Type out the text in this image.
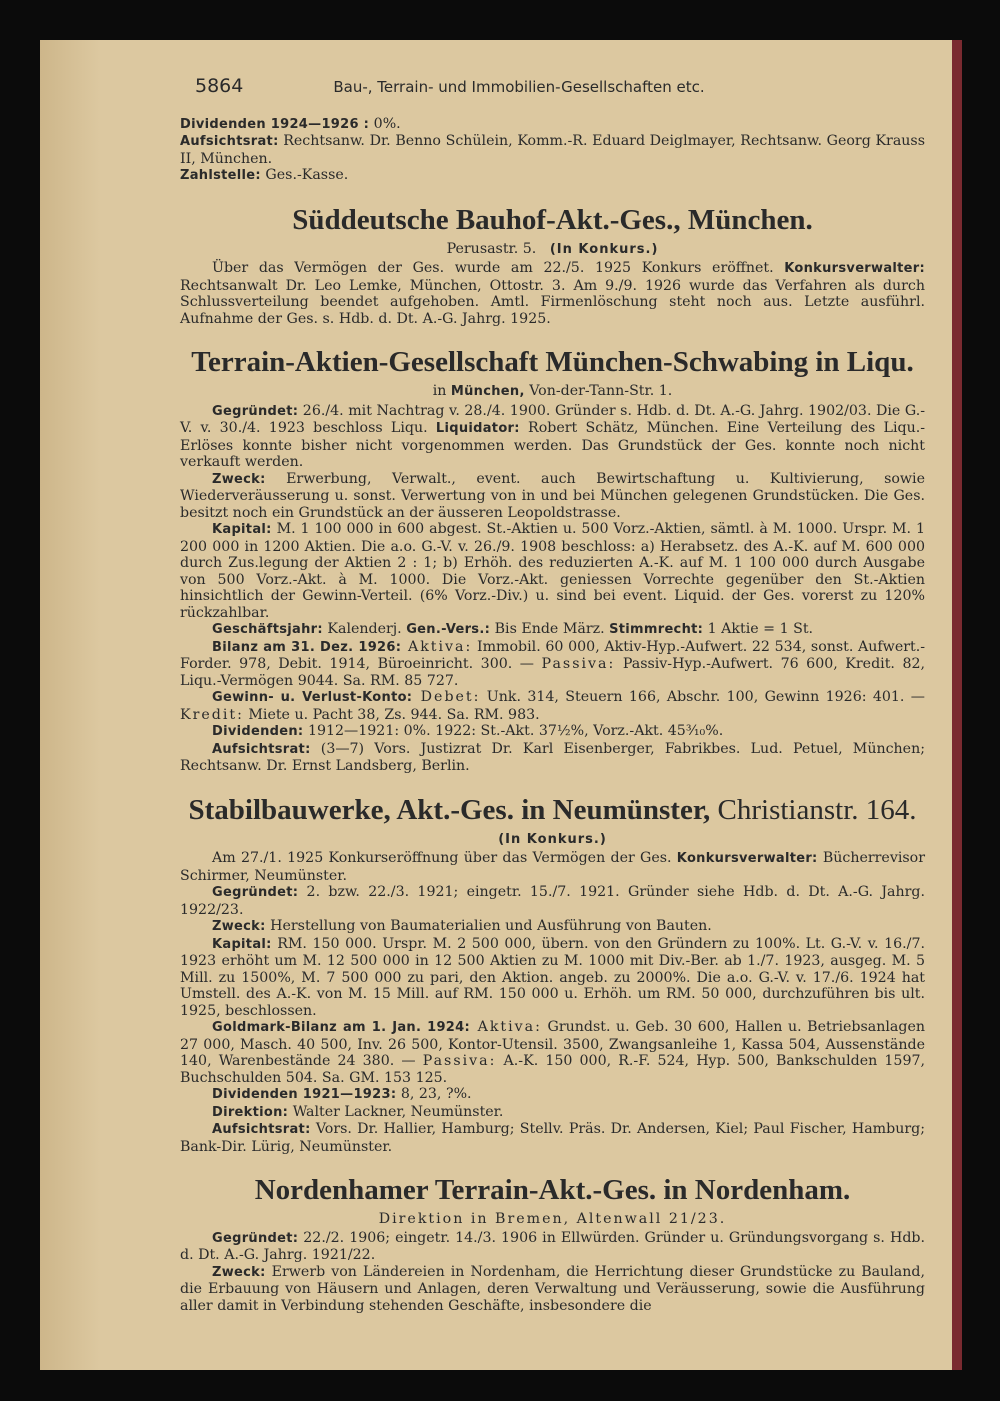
5864	Bau-, Terrain- und Immobilien-Gesellschaften etc.

Dividenden 1924—1926 : 0%.

Aufsichtsrat: Rechtsanw. Dr. Benno Schülein, Komm.-R. Eduard Deiglmayer, Rechtsanw. Georg Krauss II, München.

Zahlstelle: Ges.-Kasse.

Süddeutsche Bauhof-Akt.-Ges., München.
Perusastr. 5. (In Konkurs.)

Über das Vermögen der Ges. wurde am 22./5. 1925 Konkurs eröffnet. Konkursverwalter: Rechtsanwalt Dr. Leo Lemke, München, Ottostr. 3. Am 9./9. 1926 wurde das Verfahren als durch Schlussverteilung beendet aufgehoben. Amtl. Firmenlöschung steht noch aus. Letzte ausführl. Aufnahme der Ges. s. Hdb. d. Dt. A.-G. Jahrg. 1925.

Terrain-Aktien-Gesellschaft München-Schwabing in Liqu.
in München, Von-der-Tann-Str. 1.

Gegründet: 26./4. mit Nachtrag v. 28./4. 1900. Gründer s. Hdb. d. Dt. A.-G. Jahrg. 1902/03. Die G.-V. v. 30./4. 1923 beschloss Liqu. Liquidator: Robert Schätz, München. Eine Verteilung des Liqu.-Erlöses konnte bisher nicht vorgenommen werden. Das Grundstück der Ges. konnte noch nicht verkauft werden.

Zweck: Erwerbung, Verwalt., event. auch Bewirtschaftung u. Kultivierung, sowie Wiederveräusserung u. sonst. Verwertung von in und bei München gelegenen Grundstücken. Die Ges. besitzt noch ein Grundstück an der äusseren Leopoldstrasse.

Kapital: M. 1 100 000 in 600 abgest. St.-Aktien u. 500 Vorz.-Aktien, sämtl. à M. 1000. Urspr. M. 1 200 000 in 1200 Aktien. Die a.o. G.-V. v. 26./9. 1908 beschloss: a) Herabsetz. des A.-K. auf M. 600 000 durch Zus.legung der Aktien 2 : 1; b) Erhöh. des reduzierten A.-K. auf M. 1 100 000 durch Ausgabe von 500 Vorz.-Akt. à M. 1000. Die Vorz.-Akt. geniessen Vorrechte gegenüber den St.-Aktien hinsichtlich der Gewinn-Verteil. (6% Vorz.-Div.) u. sind bei event. Liquid. der Ges. vorerst zu 120% rückzahlbar.

Geschäftsjahr: Kalenderj. Gen.-Vers.: Bis Ende März. Stimmrecht: 1 Aktie = 1 St.

Bilanz am 31. Dez. 1926: Aktiva: Immobil. 60 000, Aktiv-Hyp.-Aufwert. 22 534, sonst. Aufwert.-Forder. 978, Debit. 1914, Büroeinricht. 300. — Passiva: Passiv-Hyp.-Aufwert. 76 600, Kredit. 82, Liqu.-Vermögen 9044. Sa. RM. 85 727.

Gewinn- u. Verlust-Konto: Debet: Unk. 314, Steuern 166, Abschr. 100, Gewinn 1926: 401. — Kredit: Miete u. Pacht 38, Zs. 944. Sa. RM. 983.

Dividenden: 1912—1921: 0%. 1922: St.-Akt. 37½%, Vorz.-Akt. 45³⁄₁₀%.

Aufsichtsrat: (3—7) Vors. Justizrat Dr. Karl Eisenberger, Fabrikbes. Lud. Petuel, München; Rechtsanw. Dr. Ernst Landsberg, Berlin.

Stabilbauwerke, Akt.-Ges. in Neumünster, Christianstr. 164.
(In Konkurs.)

Am 27./1. 1925 Konkurseröffnung über das Vermögen der Ges. Konkursverwalter: Bücherrevisor Schirmer, Neumünster.

Gegründet: 2. bzw. 22./3. 1921; eingetr. 15./7. 1921. Gründer siehe Hdb. d. Dt. A.-G. Jahrg. 1922/23.

Zweck: Herstellung von Baumaterialien und Ausführung von Bauten.

Kapital: RM. 150 000. Urspr. M. 2 500 000, übern. von den Gründern zu 100%. Lt. G.-V. v. 16./7. 1923 erhöht um M. 12 500 000 in 12 500 Aktien zu M. 1000 mit Div.-Ber. ab 1./7. 1923, ausgeg. M. 5 Mill. zu 1500%, M. 7 500 000 zu pari, den Aktion. angeb. zu 2000%. Die a.o. G.-V. v. 17./6. 1924 hat Umstell. des A.-K. von M. 15 Mill. auf RM. 150 000 u. Erhöh. um RM. 50 000, durchzuführen bis ult. 1925, beschlossen.

Goldmark-Bilanz am 1. Jan. 1924: Aktiva: Grundst. u. Geb. 30 600, Hallen u. Betriebsanlagen 27 000, Masch. 40 500, Inv. 26 500, Kontor-Utensil. 3500, Zwangsanleihe 1, Kassa 504, Aussenstände 140, Warenbestände 24 380. — Passiva: A.-K. 150 000, R.-F. 524, Hyp. 500, Bankschulden 1597, Buchschulden 504. Sa. GM. 153 125.

Dividenden 1921—1923: 8, 23, ?%.

Direktion: Walter Lackner, Neumünster.

Aufsichtsrat: Vors. Dr. Hallier, Hamburg; Stellv. Präs. Dr. Andersen, Kiel; Paul Fischer, Hamburg; Bank-Dir. Lürig, Neumünster.

Nordenhamer Terrain-Akt.-Ges. in Nordenham.
Direktion in Bremen, Altenwall 21/23.

Gegründet: 22./2. 1906; eingetr. 14./3. 1906 in Ellwürden. Gründer u. Gründungsvorgang s. Hdb. d. Dt. A.-G. Jahrg. 1921/22.

Zweck: Erwerb von Ländereien in Nordenham, die Herrichtung dieser Grundstücke zu Bauland, die Erbauung von Häusern und Anlagen, deren Verwaltung und Veräusserung, sowie die Ausführung aller damit in Verbindung stehenden Geschäfte, insbesondere die
